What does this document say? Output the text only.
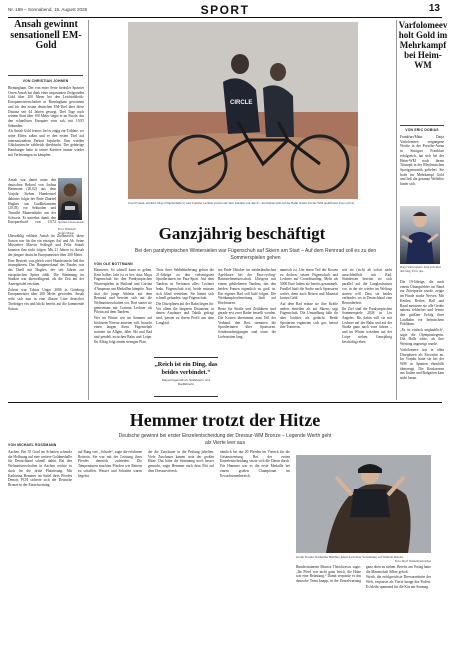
Nr. 189 – Sonnabend, 15. August 2026	SPORT	13
Ansah gewinnt sensationell EM-Gold
VON CHRISTIAN JOHNEN

Birmingham. Der von einer Serie fiedruler Sprinter Owen Ansah hat dank einer imposanten Zielgeraden Gold über 200 Meter bei den Leichtathletik-Europameisterschaften in Birmingham gewonnen und für den ersten deutschen EM-Titel über diese Distanz seit 44 Jahren gesorgt. Drei Tage nach seinem Start über 100 Meter siegte er im Finale, das den schnellsten Europäer vorn sah, mit 19,95 Sekunden.

Als Ansah Gold feierte, lief er zügig zur Tribüne, wo seine Eltern saßen und er den ersten Titel auf internationalem Parkett bejubelte. Ihm wurden Glückwünsche zahlreich überbracht. Der gebürtige Hamburger hatte in seiner Karriere immer wieder mit Verletzungen zu kämpfen.

Ansah war damit unter den deutschen Rekord von Joshua Hartmann (20,02) aus dem Vorjahr. Sieben Hundertstel dahinter folgte der Brite Zharnel Hughes aus Großbritannien (20,03) vor Sekunden und Timothé Mumenthaler aus der Schweiz. Er unterbot damit den Europarekord von 19,72 Sprinter Owen Ansah
Foto: IMAGO/ Stefan Mayer

Überzählig erklärte Ansah im Zielbereich, diese Saison war für ihn ein einziges Auf und Ab. Seine Mitstreiter Marvin Schlegel und Felix Straub konnten ihm nicht folgen. Mit 21 Jahren ist Ansah der jüngste deutsche Europameister über 200 Meter.

Eine Bestzeit von gleich zwei Hundertsteln ließ ihn triumphieren. Das Hauptmerkmal des Finales war das Duell mit Hughes, der seit Jahren zur europäischen Spitze zählt. Die Stimmung im Stadion war überwältigend, als die Zeit auf der Anzeigetafel erschien.

Zuletzt war Tobias Unger 2006 in Göteborg Europameister über 200 Meter geworden. Ansah reiht sich nun in eine illustre Liste deutscher Titelträger ein und blickt bereits auf die kommende Saison.

CIRCLE
Zwei Frauen, ein Rad: Maya Fügenschuh (l.) und Corinna Lechner starten auf dem Tandem voll durch – und haben sich auf der Bahn bereits für die WM qualifiziert. Foto: privat
Ganzjährig beschäftigt
Bei den paralympischen Wintersielen war Fügenschuh auf Skiern am Start – Auf dem Rennrad soll es zu den Sommerspielen gehen
VON OLE BOTTMANN

Hannover. So schnell kann es gehen. Kein halbes Jahr ist es her, dass Maya Fügenschuh bei den Paralympischen Winterspielen in Mailand und Cortina d'Ampezzo um Medaillen kämpfte. Nun sitzt die junge Athletin auf dem Rennrad und bereitet sich auf die Weltmeisterschaften vor. Dort startet sie gemeinsam mit Corinna Lechner als Pilotin auf dem Tandem.

Wer im Winter wie im Sommer auf höchstem Niveau antreten will, braucht einen langen Atem. Fügenschuh trainiert im Allgäu, fährt Ski und Rad und pendelt zwischen Bahn und Loipe. Ihr Alltag folgt einem strengen Plan.

Trotz ihrer Sehbehinderung gehört die 21-Jährige zu den vielseitigsten Sportlerinnen im Para-Sport. Auf dem Tandem ist Vertrauen alles: Lechner lenkt, Fügenschuh tritt, beide müssen sich blind verstehen. Sie hätten sich schnell gefunden, sagt Fügenschuh.

Die Disziplinen auf der Bahn liegen ihr. Vor allem die längeren Distanzen, in denen Ausdauer und Taktik gefragt sind, passen zu ihrem Profil aus dem Langlauf.

„Reich ist ein Ding, das beides verbindet.“
Maya Fügenschuh, Skifahrerin und Radfahrerin

ten Ende Oktober im niederländischen Apeldoorn bei der Para-cycling-Bahnweltmeisterschaft. Übrigens mit einem gebliehenen Tandem, das den beiden Frauen eigentlich zu groß ist. Ein eigenes Rad soll bald folgen. Die Wettkampfvorbereitung läuft auf Hochtouren.

Beste für Straße und Zeitfahren sind gerade erst zwei Räder bestellt worden. Die Kosten übernimmt zum Teil der Verband, den Rest stemmen die Sportlerinnen über Sponsoren. Sonderanfertigungen sind teuer, die Lieferzeiten lang.

namisch ist. Um einen Teil der Kosten zu decken, setzen Fügenschuh und Lechner auf Crowdfunding. Mehr als 5000 Euro haben sie bereits gesammelt. Parallel läuft die Suche nach Sponsoren weiter, denn auch Reisen und Material kosten Geld.

Auf dem Rad müsse sie ihre Kräfte anders einteilen als auf Skiern, sagt Fügenschuh. Die Umstellung falle ihr aber leichter als gedacht. Beide Sportarten ergänzten sich gut, betont ihre Trainerin.

seit sie (sich) ab sofort nicht ausschließlich mit Rad. Stattdessen bereitet sie sich parallel auf die Langlaufsaison vor, in der sie wieder im Weltcup starten will. Dass sie beides verbindet, sei in Deutschland eine Besonderheit.

Ihr Ziel sind die Paralympischen Sommerspiele 2028 in Los Angeles. Bis dahin will sie mit Lechner auf der Bahn und auf der Straße ganz nach vorn fahren – und im Winter trotzdem auf der Loipe stehen. Ganzjährig beschäftigt eben.

Varfolomeev holt Gold im Mehrkampf bei Heim-WM
VON ERIC DOBIAS
Frankfurt/Main. Darja Varfolomeev, vergangene Woche in der Porsche-Arena in Stuttgart Frankfurt erfolgreich, hat sich bei der Heim-WM nach ihrem Triumph in der Rhythmischen Sportgymnastik geliefert. Sie holte im Mehrkampf Gold und ließ die gesamte Weltelite hinter sich.
Darja Varfolomeev freut sich über den Sieg. Foto: dpa

Die 19-Jährige, die nach einem Übungsfehler im Band zur Zitterpartie wurde, zeigte im Finale starke Nerven. Mit Keulen, Reifen, Ball und Band meisterte sie alle Geräte nahezu fehlerfrei und feierte den größten Erfolg ihrer Laufbahn vor heimischem Publikum.

„Es ist einfach unglaublich“, sagte die Olympiasiegerin. Die Halle tobte, als ihre Wertung angezeigt wurde.

Varfolomeev trat in allen Disziplinen als Favoritin an. Im Vorjahr hatte sie bei der WM in Spanien ebenfalls überzeugt. Die Konkurrenz aus Italien und Bulgarien kam nicht heran.

Hemmer trotzt der Hitze
Deutsche gewinnt bei erster Einzelentscheidung der Dressur-WM Bronze – Legende Werth geht als Vierte leer aus
VON MICHAEL ROSSMANN
Aachen. Bei 35 Grad im Schatten schmolz die Hoffnung auf eine weitere Goldmedaille für Deutschland schnell dahin. Bei den Weltmeisterschaften in Aachen reichte es doch für die dritte Platzierung. Mit Katharina Hemmer im Sattel ihres Pferdes Denoix PCH sicherte sich die Deutsche Bronze in der Einzelwertung.
auf Rang vier. „Schade“, sagte die erfahrene Reiterin. Sie war mit der Leistung ihres Pferdes dennoch zufrieden. Die Temperaturen machten Pferden wie Reitern zu schaffen, Wasser und Schatten waren begehrt.
der die Zuschauer in die Prüfung jubelten. Viele Zuschauer kamen trotz der großen Hitze. Das hätte die Stimmung noch besser gemacht, sagte Hemmer nach dem Ritt auf dem Dressurviereck.
nämlich bei nur 20 Pferden im Viereck für die Gesamtwertung. Bei der ersten Einzelentscheidung setzte sich die Dänin durch. Für Hemmer war es die erste Medaille bei einem großen Championat im Erwachsenenbereich.
Große Freude: Katharina Hemmer jubelt nach ihrer Vorstellung auf Wallach Denoix.
Foto: Rolf Vennenbernd/dpa

Bundestrainerin Monica Theodorescu sagte: „Ihr Pferd war nicht ganz frisch, die Hitze war eine Belastung.“ Damit verpasste es das deutsche Team knapp, in der Einzelwertung ganz oben zu stehen. Bereits am Vortag hatte die Mannschaft Silber geholt.

Werth, die erfolgreichste Dressurreiterin der Welt, verpasste als Vierte knapp das Podest. Es bleibt spannend für die Kür am Sonntag.
